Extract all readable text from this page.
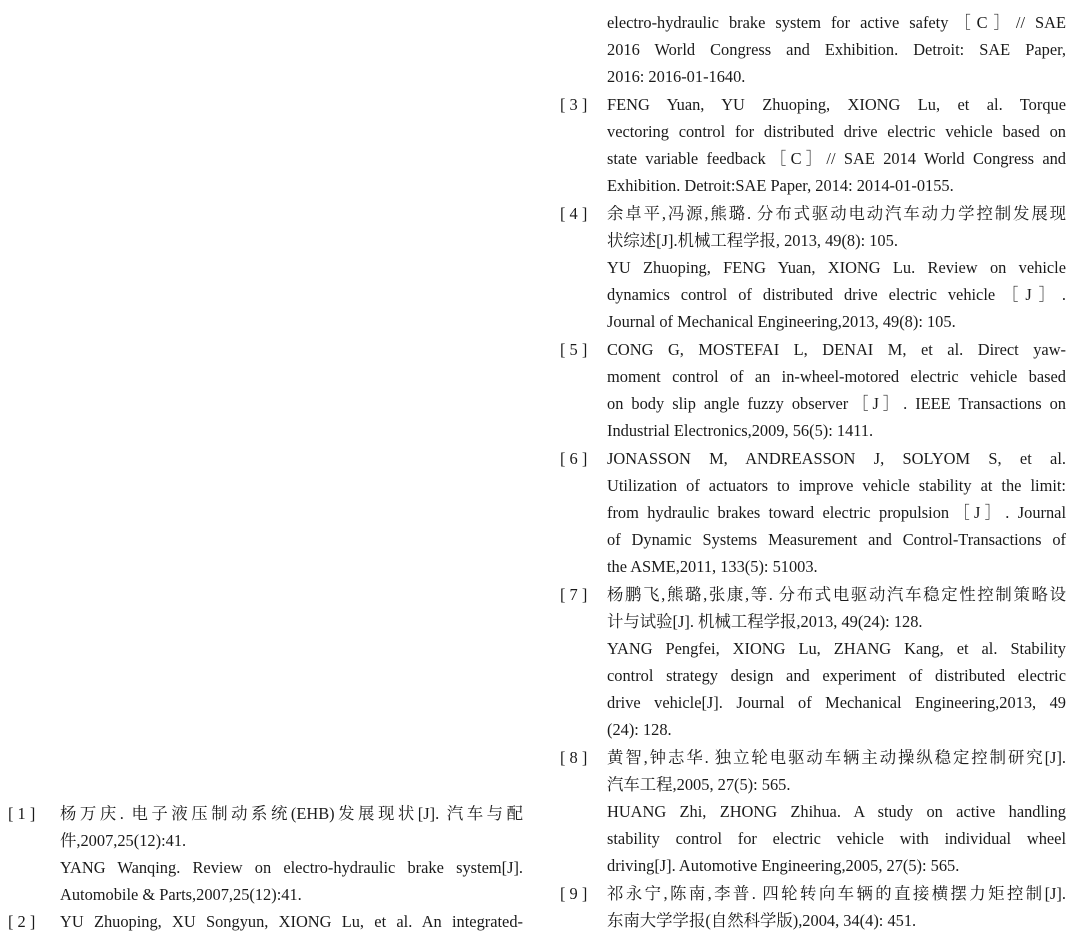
[ 1 ] 杨万庆. 电子液压制动系统(EHB)发展现状[J]. 汽车与配
件,2007,25(12):41.
YANG Wanqing. Review on electro-hydraulic brake system[J].
Automobile & Parts,2007,25(12):41.
[ 2 ] YU Zhuoping, XU Songyun, XIONG Lu, et al. An integrated-
electro-hydraulic brake system for active safety［C］// SAE
2016 World Congress and Exhibition. Detroit: SAE Paper,
2016: 2016-01-1640.
[ 3 ] FENG Yuan, YU Zhuoping, XIONG Lu, et al. Torque
vectoring control for distributed drive electric vehicle based on
state variable feedback［C］// SAE 2014 World Congress and
Exhibition. Detroit:SAE Paper, 2014: 2014-01-0155.
[ 4 ] 余卓平,冯源,熊璐. 分布式驱动电动汽车动力学控制发展现
状综述[J].机械工程学报, 2013, 49(8): 105.
YU Zhuoping, FENG Yuan, XIONG Lu. Review on vehicle
dynamics control of distributed drive electric vehicle［J］.
Journal of Mechanical Engineering,2013, 49(8): 105.
[ 5 ] CONG G, MOSTEFAI L, DENAI M, et al. Direct yaw-
moment control of an in-wheel-motored electric vehicle based
on body slip angle fuzzy observer［J］. IEEE Transactions on
Industrial Electronics,2009, 56(5): 1411.
[ 6 ] JONASSON M, ANDREASSON J, SOLYOM S, et al.
Utilization of actuators to improve vehicle stability at the limit:
from hydraulic brakes toward electric propulsion［J］. Journal
of Dynamic Systems Measurement and Control-Transactions of
the ASME,2011, 133(5): 51003.
[ 7 ] 杨鹏飞,熊璐,张康,等. 分布式电驱动汽车稳定性控制策略设
计与试验[J]. 机械工程学报,2013, 49(24): 128.
YANG Pengfei, XIONG Lu, ZHANG Kang, et al. Stability
control strategy design and experiment of distributed electric
drive vehicle[J]. Journal of Mechanical Engineering,2013, 49
(24): 128.
[ 8 ] 黄智,钟志华. 独立轮电驱动车辆主动操纵稳定控制研究[J].
汽车工程,2005, 27(5): 565.
HUANG Zhi, ZHONG Zhihua. A study on active handling
stability control for electric vehicle with individual wheel
driving[J]. Automotive Engineering,2005, 27(5): 565.
[ 9 ] 祁永宁,陈南,李普. 四轮转向车辆的直接横摆力矩控制[J].
东南大学学报(自然科学版),2004, 34(4): 451.
